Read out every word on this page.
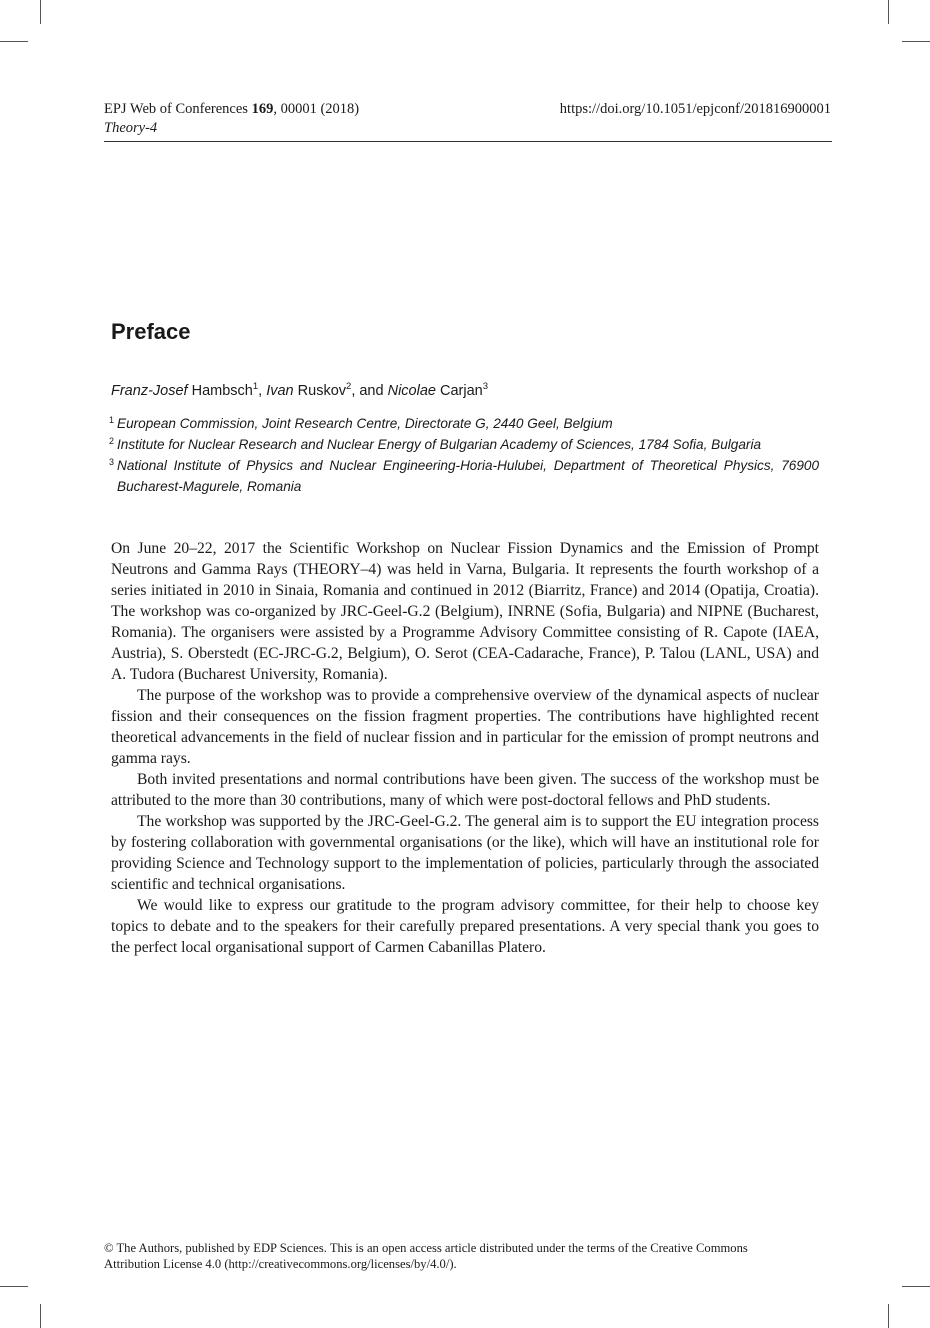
EPJ Web of Conferences 169, 00001 (2018)	https://doi.org/10.1051/epjconf/201816900001
Theory-4
Preface
Franz-Josef Hambsch$^1$, Ivan Ruskov$^2$, and Nicolae Carjan$^3$
1 European Commission, Joint Research Centre, Directorate G, 2440 Geel, Belgium
2 Institute for Nuclear Research and Nuclear Energy of Bulgarian Academy of Sciences, 1784 Sofia, Bulgaria
3 National Institute of Physics and Nuclear Engineering-Horia-Hulubei, Department of Theoretical Physics, 76900 Bucharest-Magurele, Romania

On June 20–22, 2017 the Scientific Workshop on Nuclear Fission Dynamics and the Emission of Prompt Neutrons and Gamma Rays (THEORY–4) was held in Varna, Bulgaria. It represents the fourth workshop of a series initiated in 2010 in Sinaia, Romania and continued in 2012 (Biarritz, France) and 2014 (Opatija, Croatia). The workshop was co-organized by JRC-Geel-G.2 (Belgium), INRNE (Sofia, Bulgaria) and NIPNE (Bucharest, Romania). The organisers were assisted by a Programme Advisory Committee consisting of R. Capote (IAEA, Austria), S. Oberstedt (EC-JRC-G.2, Belgium), O. Serot (CEA-Cadarache, France), P. Talou (LANL, USA) and A. Tudora (Bucharest University, Romania).

The purpose of the workshop was to provide a comprehensive overview of the dynamical aspects of nuclear fission and their consequences on the fission fragment properties. The contributions have highlighted recent theoretical advancements in the field of nuclear fission and in particular for the emission of prompt neutrons and gamma rays.

Both invited presentations and normal contributions have been given. The success of the workshop must be attributed to the more than 30 contributions, many of which were post-doctoral fellows and PhD students.

The workshop was supported by the JRC-Geel-G.2. The general aim is to support the EU integration process by fostering collaboration with governmental organisations (or the like), which will have an institutional role for providing Science and Technology support to the implementation of policies, particularly through the associated scientific and technical organisations.

We would like to express our gratitude to the program advisory committee, for their help to choose key topics to debate and to the speakers for their carefully prepared presentations. A very special thank you goes to the perfect local organisational support of Carmen Cabanillas Platero.

© The Authors, published by EDP Sciences. This is an open access article distributed under the terms of the Creative Commons
Attribution License 4.0 (http://creativecommons.org/licenses/by/4.0/).
